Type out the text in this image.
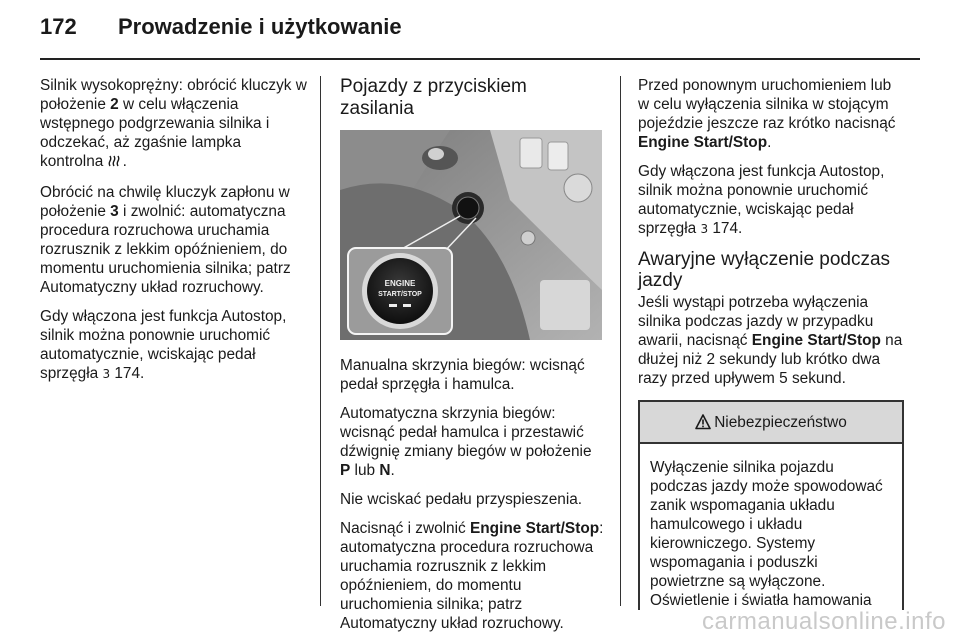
172	Prowadzenie i użytkowanie

Silnik wysokoprężny: obrócić kluczyk w położenie 2 w celu włączenia wstępnego podgrzewania silnika i odczekać, aż zgaśnie lampka kontrolna .

Obrócić na chwilę kluczyk zapłonu w położenie 3 i zwolnić: automatyczna procedura rozruchowa uruchamia rozrusznik z lekkim opóźnieniem, do momentu uruchomienia silnika; patrz Automatyczny układ rozruchowy.

Gdy włączona jest funkcja Autostop, silnik można ponownie uruchomić automatycznie, wciskając pedał sprzęgła 3 174.

Pojazdy z przyciskiem zasilania
ENGINE
START/STOP

Manualna skrzynia biegów: wcisnąć pedał sprzęgła i hamulca.

Automatyczna skrzynia biegów: wcisnąć pedał hamulca i przestawić dźwignię zmiany biegów w położenie P lub N.

Nie wciskać pedału przyspieszenia.

Nacisnąć i zwolnić Engine Start/Stop: automatyczna procedura rozruchowa uruchamia rozrusznik z lekkim opóźnieniem, do momentu uruchomienia silnika; patrz Automatyczny układ rozruchowy.

Przed ponownym uruchomieniem lub w celu wyłączenia silnika w stojącym pojeździe jeszcze raz krótko nacisnąć Engine Start/Stop.

Gdy włączona jest funkcja Autostop, silnik można ponownie uruchomić automatycznie, wciskając pedał sprzęgła 3 174.

Awaryjne wyłączenie podczas jazdy

Jeśli wystąpi potrzeba wyłączenia silnika podczas jazdy w przypadku awarii, nacisnąć Engine Start/Stop na dłużej niż 2 sekundy lub krótko dwa razy przed upływem 5 sekund.

Niebezpieczeństwo
Wyłączenie silnika pojazdu podczas jazdy może spowodować zanik wspomagania układu hamulcowego i układu kierowniczego. Systemy wspomagania i poduszki powietrzne są wyłączone. Oświetlenie i światła hamowania
carmanualsonline.info
